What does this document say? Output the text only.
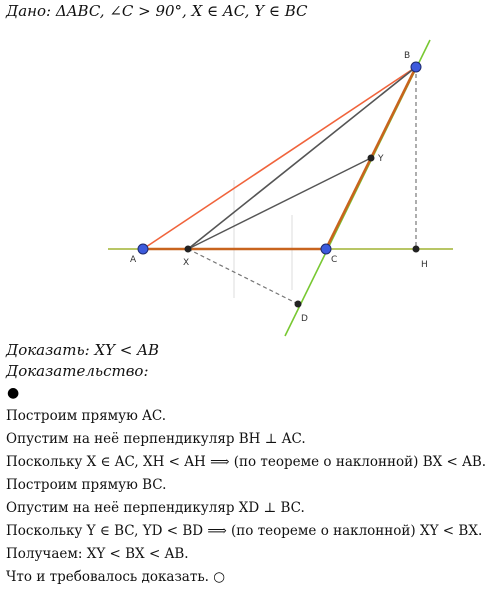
Дано: ΔABC, ∠C > 90°, X ∈ AC, Y ∈ BC
A
B
C
X
Y
H
D
Доказать: XY < AB
Доказательство:
●
Построим прямую AC.
Опустим на неё перпендикуляр BH ⊥ AC.
Поскольку X ∈ AC, XH < AH ⟹ (по теореме о наклонной) BX < AB.
Построим прямую BC.
Опустим на неё перпендикуляр XD ⊥ BC.
Поскольку Y ∈ BC, YD < BD ⟹ (по теореме о наклонной) XY < BX.
Получаем: XY < BX < AB.
Что и требовалось доказать. ○
